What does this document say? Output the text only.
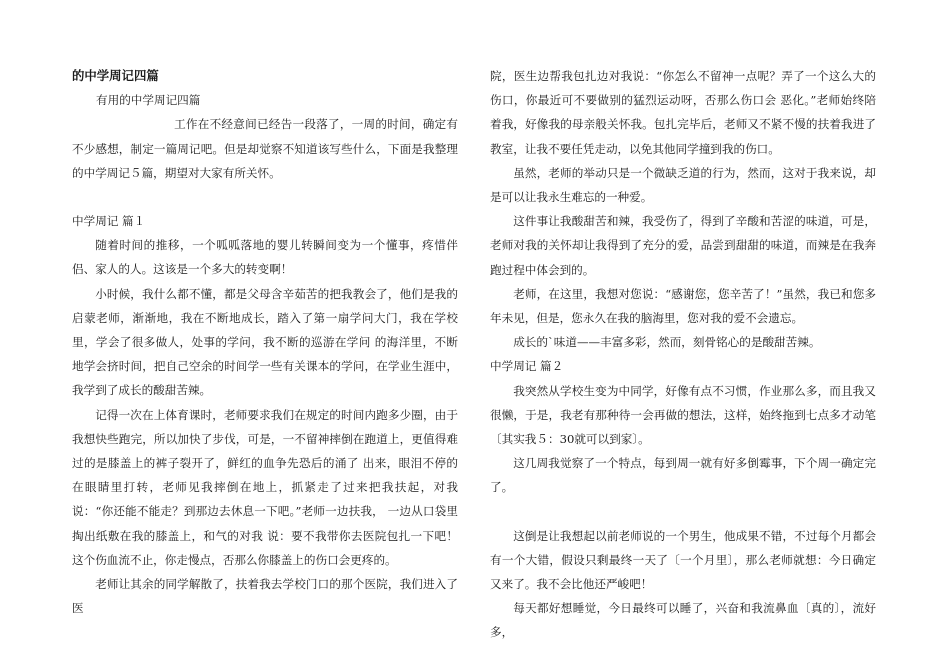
的中学周记四篇

有用的中学周记四篇

工作在不经意间已经告一段落了，一周的时间，确定有不少感想，制定一篇周记吧。但是却觉察不知道该写些什么，下面是我整理的中学周记５篇，期望对大家有所关怀。

中学周记 篇１

随着时间的推移，一个呱呱落地的婴儿转瞬间变为一个懂事，疼惜伴侣、家人的人。这该是一个多大的转变啊！

小时候，我什么都不懂，都是父母含辛茹苦的把我教会了，他们是我的启蒙老师，渐渐地，我在不断地成长，踏入了第一扇学问大门，我在学校里，学会了很多做人，处事的学问，我不断的巡游在学问 的海洋里，不断地学会挤时间，把自己空余的时间学一些有关课本的学问，在学业生涯中，我学到了成长的酸甜苦辣。

记得一次在上体育课时，老师要求我们在规定的时间内跑多少圈，由于我想快些跑完，所以加快了步伐，可是，一不留神摔倒在跑道上，更值得难过的是膝盖上的裤子裂开了，鲜红的血争先恐后的涌了 出来，眼泪不停的在眼睛里打转，老师见我摔倒在地上，抓紧走了过来把我扶起，对我说：“你还能不能走？到那边去休息一下吧。”老师一边扶我， 一边从口袋里掏出纸敷在我的膝盖上，和气的对我 说：要不我带你去医院包扎一下吧！这个伤血流不止，你走慢点，否那么你膝盖上的伤口会更疼的。

老师让其余的同学解散了，扶着我去学校门口的那个医院，我们进入了医

院，医生边帮我包扎边对我说：“你怎么不留神一点呢？弄了一个这么大的伤口，你最近可不要做别的猛烈运动呀，否那么伤口会 恶化。”老师始终陪着我，好像我的母亲般关怀我。包扎完毕后，老师又不紧不慢的扶着我进了教室，让我不要任凭走动，以免其他同学撞到我的伤口。

虽然，老师的举动只是一个微缺乏道的行为，然而，这对于我来说，却是可以让我永生难忘的一种爱。

这件事让我酸甜苦和辣，我受伤了，得到了辛酸和苦涩的味道，可是，老师对我的关怀却让我得到了充分的爱，品尝到甜甜的味道，而辣是在我奔跑过程中体会到的。

老师，在这里，我想对您说：“感谢您，您辛苦了！”虽然，我已和您多年未见，但是，您永久在我的脑海里，您对我的爱不会遗忘。

成长的`味道——丰富多彩，然而，刻骨铭心的是酸甜苦辣。

中学周记 篇２

我突然从学校生变为中同学，好像有点不习惯，作业那么多，而且我又很懒，于是，我老有那种待一会再做的想法，这样，始终拖到七点多才动笔〔其实我５：30就可以到家〕。

这几周我觉察了一个特点，每到周一就有好多倒霉事，下个周一确定完了。

这倒是让我想起以前老师说的一个男生，他成果不错，不过每个月都会有一个大错，假设只剩最终一天了〔一个月里〕，那么老师就想：今日确定又来了。我不会比他还严峻吧！

每天都好想睡觉，今日最终可以睡了，兴奋和我流鼻血〔真的〕，流好多，
